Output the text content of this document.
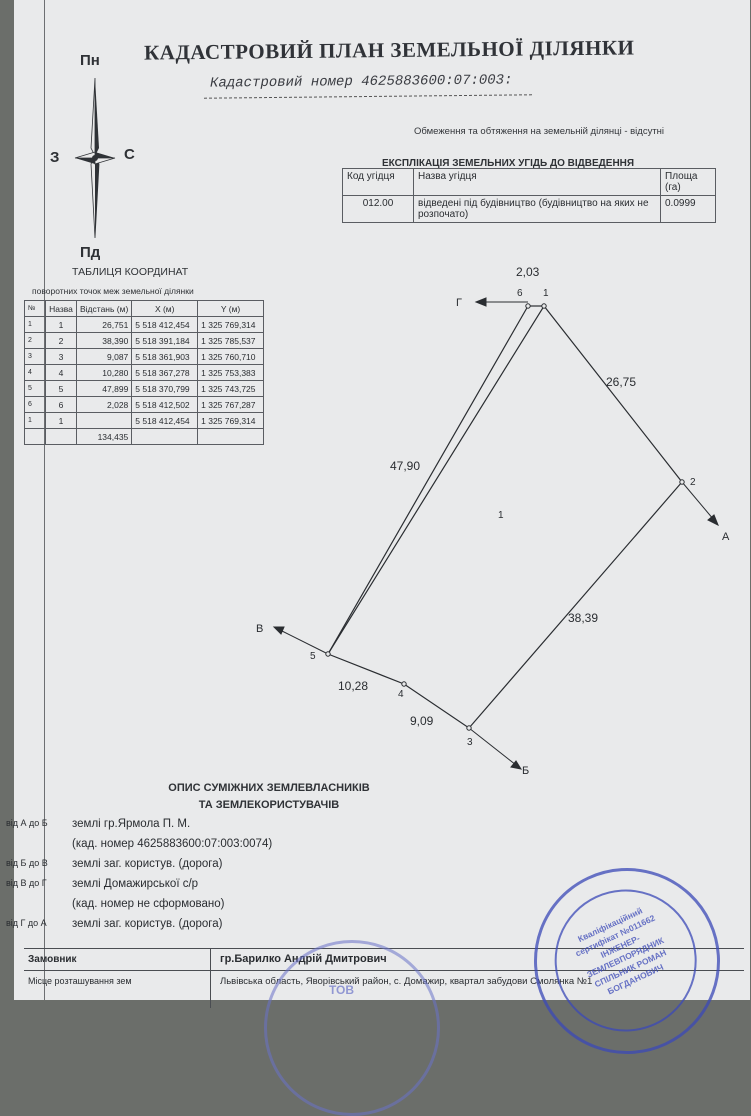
КАДАСТРОВИЙ ПЛАН ЗЕМЕЛЬНОЇ ДІЛЯНКИ
Кадастровий номер 4625883600:07:003:
Обмеження та обтяження на земельній ділянці - відсутні
Пн
Пд
З	С
ЕКСПЛІКАЦІЯ ЗЕМЕЛЬНИХ УГІДЬ ДО ВІДВЕДЕННЯ
Код угідця	Назва угідця	Площа (га)
012.00	відведені під будівництво (будівництво на яких не розпочато)	0.0999
ТАБЛИЦЯ КООРДИНАТ
поворотних точок меж земельної ділянки
№	Назва	Відстань (м)	X (м)	Y (м)
1	1	26,751	5 518 412,454	1 325 769,314
2	2	38,390	5 518 391,184	1 325 785,537
3	3	9,087	5 518 361,903	1 325 760,710
4	4	10,280	5 518 367,278	1 325 753,383
5	5	47,899	5 518 370,799	1 325 743,725
6	6	2,028	5 518 412,502	1 325 767,287
1	1		5 518 412,454	1 325 769,314
		134,435		
1
2
3
4
5
6
1
2,03
26,75
38,39
9,09
10,28
47,90
А
Б
В
Г
ОПИС СУМІЖНИХ ЗЕМЛЕВЛАСНИКІВ
ТА ЗЕМЛЕКОРИСТУВАЧІВ
від А до Б землі гр.Ярмола П. М.
(кад. номер 4625883600:07:003:0074)
від Б до В землі заг. користув. (дорога)
від В до Г землі Домажирської с/р
(кад. номер не сформовано)
від Г до А землі заг. користув. (дорога)
Замовник	гр.Барилко Андрій Дмитрович
Місце розташування зем	Львівська область, Яворівський район, с. Домажир, квартал забудови Смолянка №1
Кваліфікаційний сертифікат №011662 ІНЖЕНЕР-ЗЕМЛЕВПОРЯДНИК СПІЛЬНИК РОМАН БОГДАНОВИЧ
ТОВ
